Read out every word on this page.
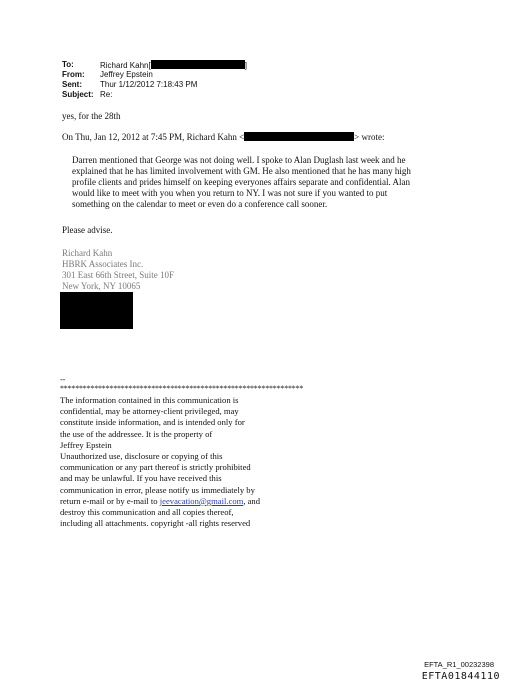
To:	Richard Kahn[	]
From:	Jeffrey Epstein
Sent:	Thur 1/12/2012 7:18:43 PM
Subject: Re:
yes, for the 28th
On Thu, Jan 12, 2012 at 7:45 PM, Richard Kahn <	> wrote:
Darren mentioned that George was not doing well. I spoke to Alan Duglash last week and he
explained that he has limited involvement with GM. He also mentioned that he has many high
profile clients and prides himself on keeping everyones affairs separate and confidential. Alan
would like to meet with you when you return to NY. I was not sure if you wanted to put
something on the calendar to meet or even do a conference call sooner.
Please advise.
Richard Kahn
HBRK Associates Inc.
301 East 66th Street, Suite 10F
New York, NY 10065
--
****************************************************************
The information contained in this communication is
confidential, may be attorney-client privileged, may
constitute inside information, and is intended only for
the use of the addressee. It is the property of
Jeffrey Epstein
Unauthorized use, disclosure or copying of this
communication or any part thereof is strictly prohibited
and may be unlawful. If you have received this
communication in error, please notify us immediately by
return e-mail or by e-mail to jeevacation@gmail.com, and
destroy this communication and all copies thereof,
including all attachments. copyright -all rights reserved
EFTA_R1_00232398
EFTA01844110
